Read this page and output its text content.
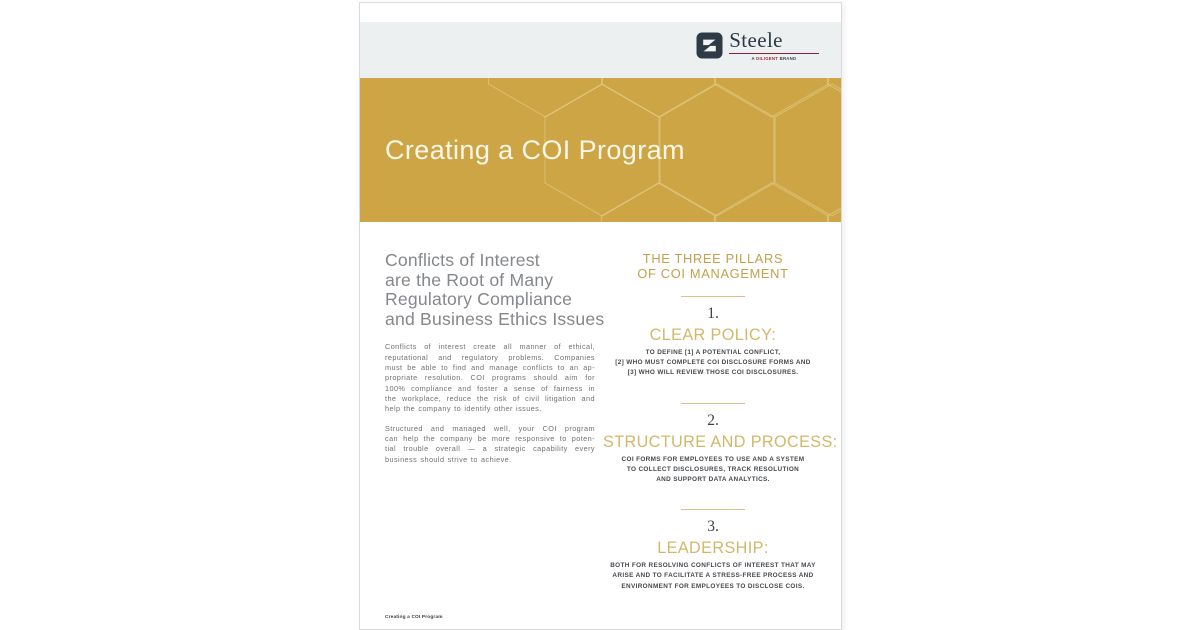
Steele
A DILIGENT BRAND
Creating a COI Program
Conflicts of Interest
are the Root of Many
Regulatory Compliance
and Business Ethics Issues
Conflicts of interest create all manner of ethical,
reputational and regulatory problems. Companies
must be able to find and manage conflicts to an ap-
propriate resolution. COI programs should aim for
100% compliance and foster a sense of fairness in
the workplace, reduce the risk of civil litigation and
help the company to identify other issues.
Structured and managed well, your COI program
can help the company be more responsive to poten-
tial trouble overall — a strategic capability every
business should strive to achieve.
THE THREE PILLARS
OF COI MANAGEMENT
1.
CLEAR POLICY:
TO DEFINE [1] A POTENTIAL CONFLICT,
[2] WHO MUST COMPLETE COI DISCLOSURE FORMS AND
[3] WHO WILL REVIEW THOSE COI DISCLOSURES.
2.
STRUCTURE AND PROCESS:
COI FORMS FOR EMPLOYEES TO USE AND A SYSTEM
TO COLLECT DISCLOSURES, TRACK RESOLUTION
AND SUPPORT DATA ANALYTICS.
3.
LEADERSHIP:
BOTH FOR RESOLVING CONFLICTS OF INTEREST THAT MAY
ARISE AND TO FACILITATE A STRESS-FREE PROCESS AND
ENVIRONMENT FOR EMPLOYEES TO DISCLOSE COIS.
Creating a COI Program
